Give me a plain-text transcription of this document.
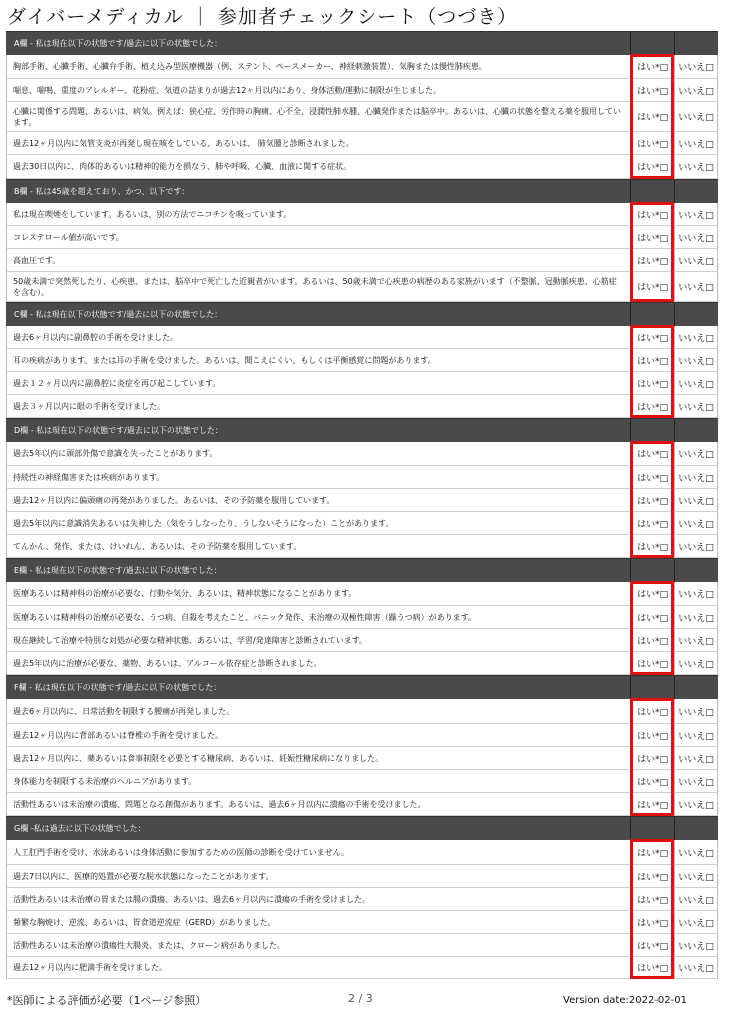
ダイバーメディカル ｜ 参加者チェックシート（つづき）
A欄 - 私は現在以下の状態です/過去に以下の状態でした：
胸部手術、心臓手術、心臓弁手術、植え込み型医療機器（例、ステント、ペースメーカー、神経刺激装置）、気胸または慢性肺疾患。	はい*□	いいえ□
喘息、喘鳴、重度のアレルギー、花粉症、気道の詰まりが過去12ヶ月以内にあり、身体活動/運動に制限が生じました。	はい*□	いいえ□
心臓に関係する問題、あるいは、病気。例えば：狭心症、労作時の胸痛、心不全、浸潤性肺水腫、心臓発作または脳卒中。あるいは、心臓の状態を整える薬を服用しています。	はい*□	いいえ□
過去12ヶ月以内に気管支炎が再発し現在咳をしている、あるいは、 肺気腫と診断されました。	はい*□	いいえ□
過去30日以内に、肉体的あるいは精神的能力を損なう、肺や呼吸、心臓、血液に関する症状。	はい*□	いいえ□
B欄 - 私は45歳を超えており、かつ、以下です：
私は現在喫煙をしています。あるいは、別の方法でニコチンを吸っています。	はい*□	いいえ□
コレステロール値が高いです。	はい*□	いいえ□
高血圧です。	はい*□	いいえ□
50歳未満で突然死したり、心疾患、または、脳卒中で死亡した近親者がいます。あるいは、50歳未満で心疾患の病歴のある家族がいます（不整脈、冠動脈疾患、心筋症を含む）。	はい*□	いいえ□
C欄 - 私は現在以下の状態です/過去に以下の状態でした：
過去6ヶ月以内に副鼻腔の手術を受けました。	はい*□	いいえ□
耳の疾病があります。または耳の手術を受けました。あるいは、聞こえにくい、もしくは平衡感覚に問題があります。	はい*□	いいえ□
過去１２ヶ月以内に副鼻腔に炎症を再び起こしています。	はい*□	いいえ□
過去３ヶ月以内に眼の手術を受けました。	はい*□	いいえ□
D欄 - 私は現在以下の状態です/過去に以下の状態でした：
過去5年以内に頭部外傷で意識を失ったことがあります。	はい*□	いいえ□
持続性の神経傷害または疾病があります。	はい*□	いいえ□
過去12ヶ月以内に偏頭痛の再発がありました。あるいは、その予防薬を服用しています。	はい*□	いいえ□
過去5年以内に意識消失あるいは失神した（気をうしなったり、うしないそうになった）ことがあります。	はい*□	いいえ□
てんかん、発作、または、けいれん、あるいは、その予防薬を服用しています。	はい*□	いいえ□
E欄 - 私は現在以下の状態です/過去に以下の状態でした：
医療あるいは精神科の治療が必要な、行動や気分、あるいは、精神状態になることがあります。	はい*□	いいえ□
医療あるいは精神科の治療が必要な、うつ病、自殺を考えたこと、パニック発作、未治療の双極性障害（躁うつ病）があります。	はい*□	いいえ□
現在継続して治療や特別な対処が必要な精神状態、あるいは、学習/発達障害と診断されています。	はい*□	いいえ□
過去5年以内に治療が必要な、薬物、あるいは、アルコール依存症と診断されました。	はい*□	いいえ□
F欄 - 私は現在以下の状態です/過去に以下の状態でした：
過去6ヶ月以内に、日常活動を制限する腰痛が再発しました。	はい*□	いいえ□
過去12ヶ月以内に背部あるいは脊椎の手術を受けました。	はい*□	いいえ□
過去12ヶ月以内に、薬あるいは食事制限を必要とする糖尿病、あるいは、妊娠性糖尿病になりました。	はい*□	いいえ□
身体能力を制限する未治療のヘルニアがあります。	はい*□	いいえ□
活動性あるいは未治療の潰瘍、問題となる創傷があります。あるいは、過去6ヶ月以内に潰瘍の手術を受けました。	はい*□	いいえ□
G欄 -私は過去に以下の状態でした：
人工肛門手術を受け、水泳あるいは身体活動に参加するための医師の診断を受けていません。	はい*□	いいえ□
過去7日以内に、医療的処置が必要な脱水状態になったことがあります。	はい*□	いいえ□
活動性あるいは未治療の胃または腸の潰瘍、あるいは、過去6ヶ月以内に潰瘍の手術を受けました。	はい*□	いいえ□
頻繁な胸焼け、逆流、あるいは、胃食道逆流症（GERD）がありました。	はい*□	いいえ□
活動性あるいは未治療の潰瘍性大腸炎、または、クローン病がありました。	はい*□	いいえ□
過去12ヶ月以内に肥満手術を受けました。	はい*□	いいえ□
*医師による評価が必要（1ページ参照）	2 / 3	Version date:2022-02-01
